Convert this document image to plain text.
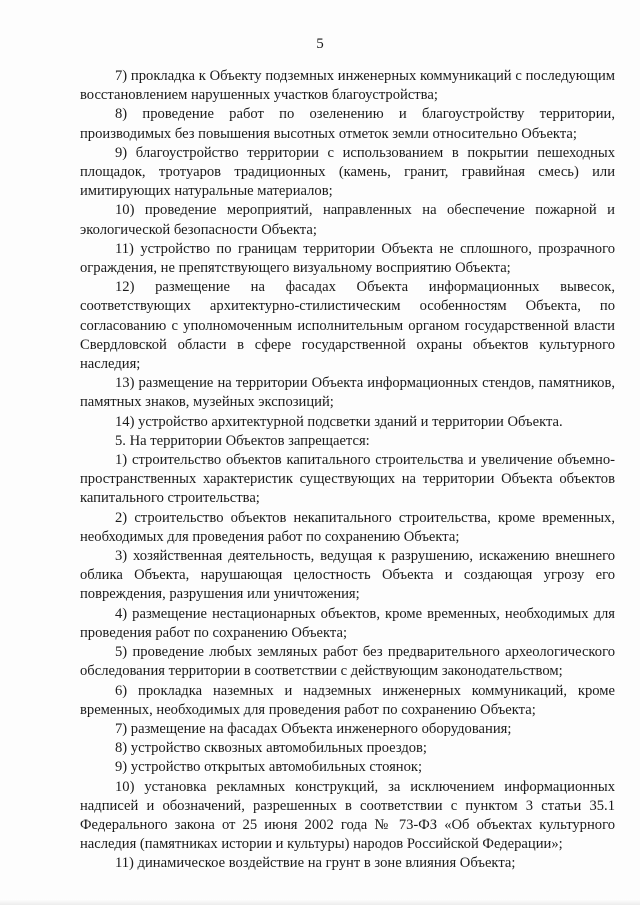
5

7) прокладка к Объекту подземных инженерных коммуникаций с последующим восстановлением нарушенных участков благоустройства;

8) проведение работ по озеленению и благоустройству территории, производимых без повышения высотных отметок земли относительно Объекта;

9) благоустройство территории с использованием в покрытии пешеходных площадок, тротуаров традиционных (камень, гранит, гравийная смесь) или имитирующих натуральные материалов;

10) проведение мероприятий, направленных на обеспечение пожарной и экологической безопасности Объекта;

11) устройство по границам территории Объекта не сплошного, прозрачного ограждения, не препятствующего визуальному восприятию Объекта;

12) размещение на фасадах Объекта информационных вывесок, соответствующих архитектурно-стилистическим особенностям Объекта, по согласованию с уполномоченным исполнительным органом государственной власти Свердловской области в сфере государственной охраны объектов культурного наследия;

13) размещение на территории Объекта информационных стендов, памятников, памятных знаков, музейных экспозиций;

14) устройство архитектурной подсветки зданий и территории Объекта.

5. На территории Объектов запрещается:

1) строительство объектов капитального строительства и увеличение объемно-пространственных характеристик существующих на территории Объекта объектов капитального строительства;

2) строительство объектов некапитального строительства, кроме временных, необходимых для проведения работ по сохранению Объекта;

3) хозяйственная деятельность, ведущая к разрушению, искажению внешнего облика Объекта, нарушающая целостность Объекта и создающая угрозу его повреждения, разрушения или уничтожения;

4) размещение нестационарных объектов, кроме временных, необходимых для проведения работ по сохранению Объекта;

5) проведение любых земляных работ без предварительного археологического обследования территории в соответствии с действующим законодательством;

6) прокладка наземных и надземных инженерных коммуникаций, кроме временных, необходимых для проведения работ по сохранению Объекта;

7) размещение на фасадах Объекта инженерного оборудования;

8) устройство сквозных автомобильных проездов;

9) устройство открытых автомобильных стоянок;

10) установка рекламных конструкций, за исключением информационных надписей и обозначений, разрешенных в соответствии с пунктом 3 статьи 35.1 Федерального закона от 25 июня 2002 года № 73-ФЗ «Об объектах культурного наследия (памятниках истории и культуры) народов Российской Федерации»;

11) динамическое воздействие на грунт в зоне влияния Объекта;
